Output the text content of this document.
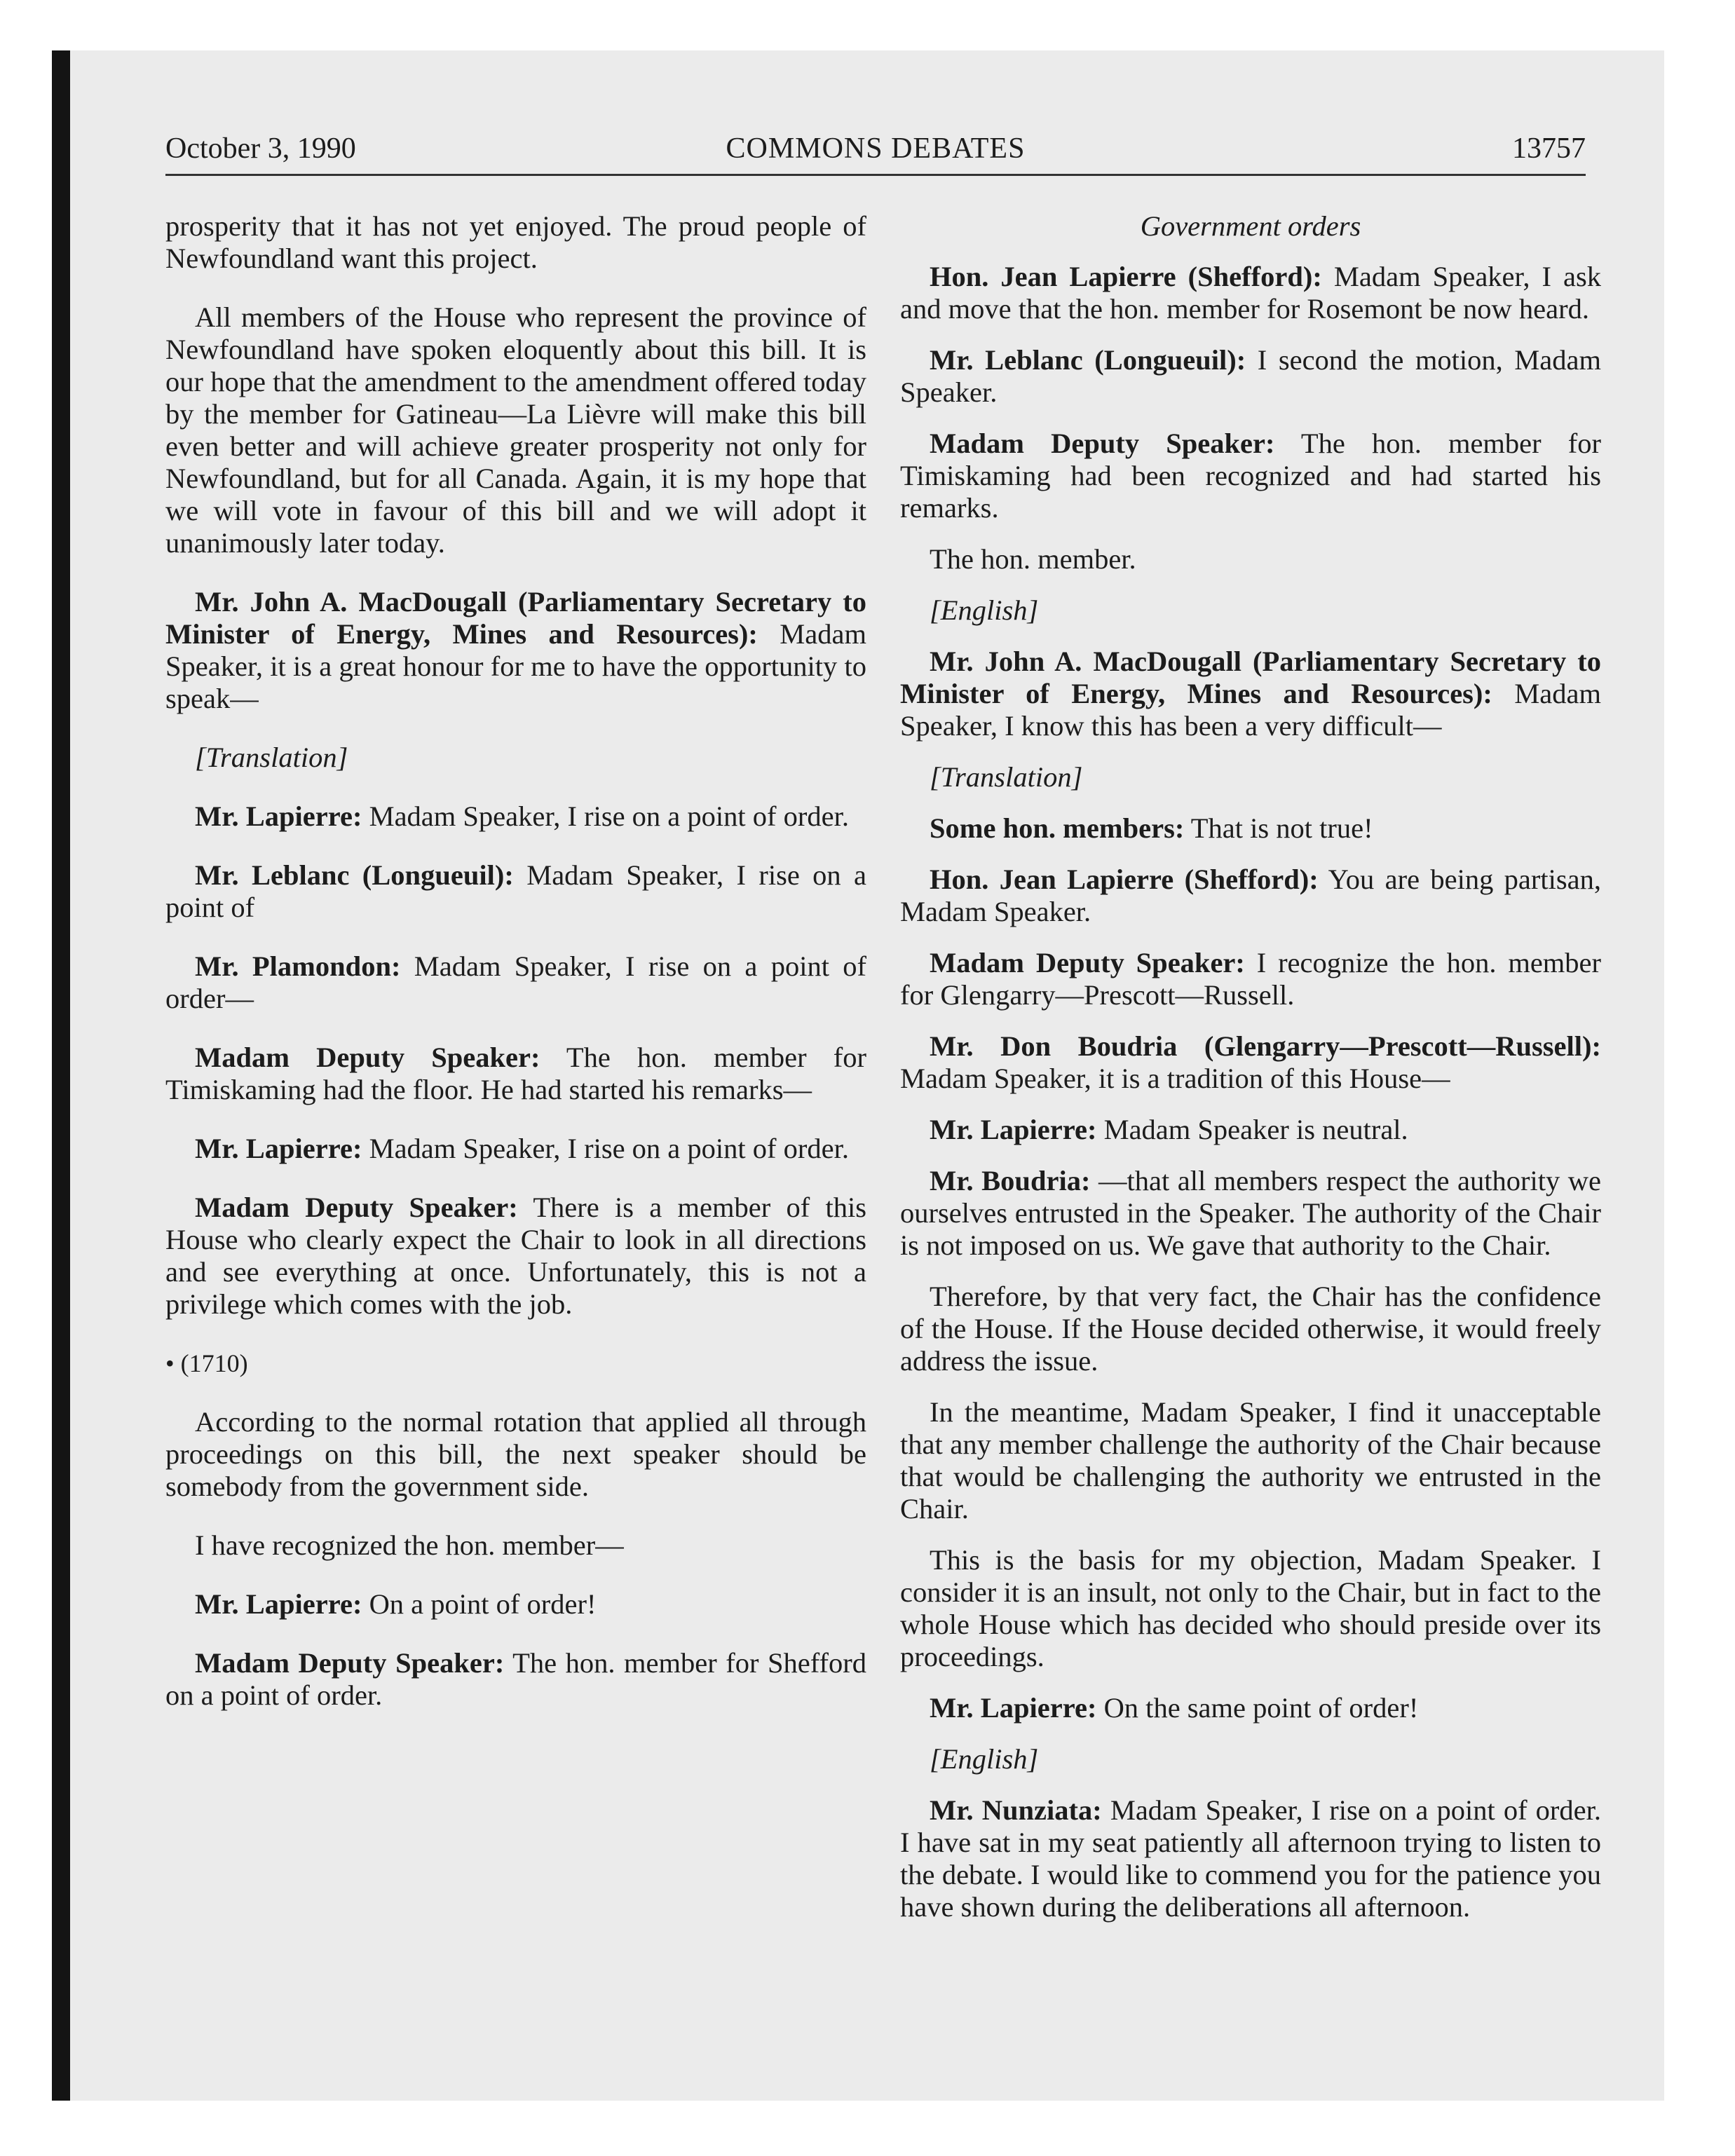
October 3, 1990	COMMONS DEBATES	13757

prosperity that it has not yet enjoyed. The proud people of Newfoundland want this project.

All members of the House who represent the province of Newfoundland have spoken eloquently about this bill. It is our hope that the amendment to the amendment offered today by the member for Gatineau—La Lièvre will make this bill even better and will achieve greater prosperity not only for Newfoundland, but for all Canada. Again, it is my hope that we will vote in favour of this bill and we will adopt it unanimously later today.

Mr. John A. MacDougall (Parliamentary Secretary to Minister of Energy, Mines and Resources): Madam Speaker, it is a great honour for me to have the opportunity to speak—

[Translation]

Mr. Lapierre: Madam Speaker, I rise on a point of order.

Mr. Leblanc (Longueuil): Madam Speaker, I rise on a point of

Mr. Plamondon: Madam Speaker, I rise on a point of order—

Madam Deputy Speaker: The hon. member for Timiskaming had the floor. He had started his remarks—

Mr. Lapierre: Madam Speaker, I rise on a point of order.

Madam Deputy Speaker: There is a member of this House who clearly expect the Chair to look in all directions and see everything at once. Unfortunately, this is not a privilege which comes with the job.

• (1710)

According to the normal rotation that applied all through proceedings on this bill, the next speaker should be somebody from the government side.

I have recognized the hon. member—

Mr. Lapierre: On a point of order!

Madam Deputy Speaker: The hon. member for Shefford on a point of order.

Government orders

Hon. Jean Lapierre (Shefford): Madam Speaker, I ask and move that the hon. member for Rosemont be now heard.

Mr. Leblanc (Longueuil): I second the motion, Madam Speaker.

Madam Deputy Speaker: The hon. member for Timiskaming had been recognized and had started his remarks.

The hon. member.

[English]

Mr. John A. MacDougall (Parliamentary Secretary to Minister of Energy, Mines and Resources): Madam Speaker, I know this has been a very difficult—

[Translation]

Some hon. members: That is not true!

Hon. Jean Lapierre (Shefford): You are being partisan, Madam Speaker.

Madam Deputy Speaker: I recognize the hon. member for Glengarry—Prescott—Russell.

Mr. Don Boudria (Glengarry—Prescott—Russell): Madam Speaker, it is a tradition of this House—

Mr. Lapierre: Madam Speaker is neutral.

Mr. Boudria: —that all members respect the authority we ourselves entrusted in the Speaker. The authority of the Chair is not imposed on us. We gave that authority to the Chair.

Therefore, by that very fact, the Chair has the confidence of the House. If the House decided otherwise, it would freely address the issue.

In the meantime, Madam Speaker, I find it unacceptable that any member challenge the authority of the Chair because that would be challenging the authority we entrusted in the Chair.

This is the basis for my objection, Madam Speaker. I consider it is an insult, not only to the Chair, but in fact to the whole House which has decided who should preside over its proceedings.

Mr. Lapierre: On the same point of order!

[English]

Mr. Nunziata: Madam Speaker, I rise on a point of order. I have sat in my seat patiently all afternoon trying to listen to the debate. I would like to commend you for the patience you have shown during the deliberations all afternoon.
